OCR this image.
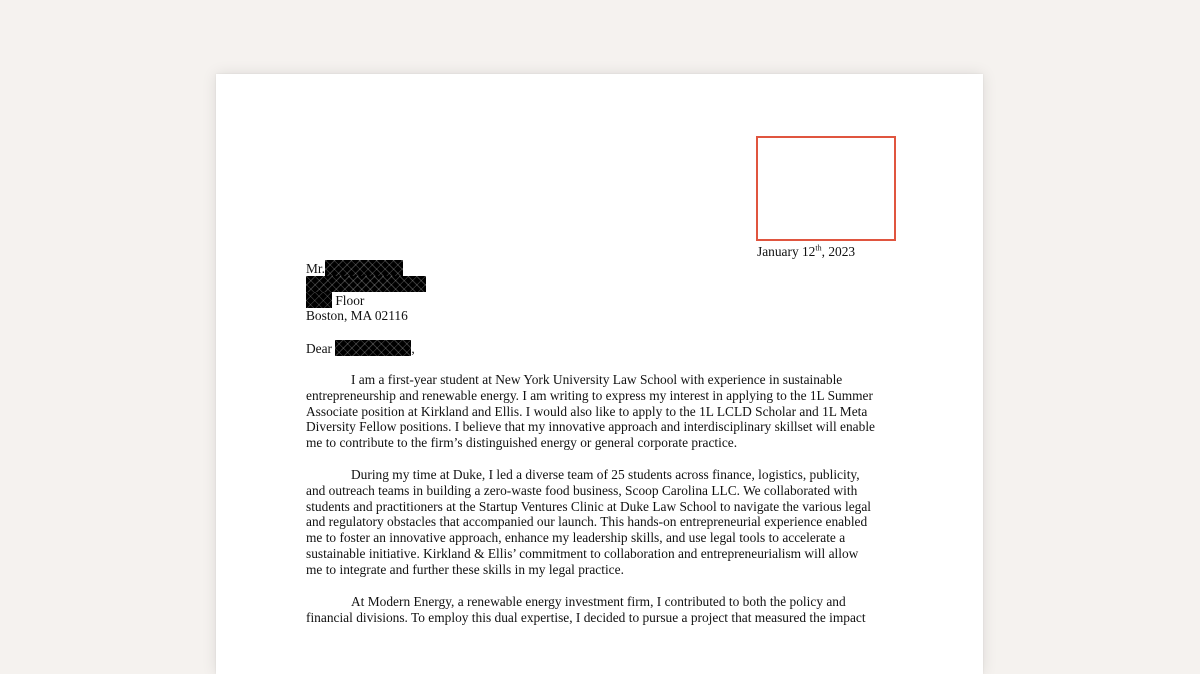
January 12th, 2023
Mr.
Floor
Boston, MA 02116
Dear	,

I am a first-year student at New York University Law School with experience in sustainable
entrepreneurship and renewable energy. I am writing to express my interest in applying to the 1L Summer
Associate position at Kirkland and Ellis. I would also like to apply to the 1L LCLD Scholar and 1L Meta
Diversity Fellow positions. I believe that my innovative approach and interdisciplinary skillset will enable
me to contribute to the firm’s distinguished energy or general corporate practice.

During my time at Duke, I led a diverse team of 25 students across finance, logistics, publicity,
and outreach teams in building a zero-waste food business, Scoop Carolina LLC. We collaborated with
students and practitioners at the Startup Ventures Clinic at Duke Law School to navigate the various legal
and regulatory obstacles that accompanied our launch. This hands-on entrepreneurial experience enabled
me to foster an innovative approach, enhance my leadership skills, and use legal tools to accelerate a
sustainable initiative. Kirkland & Ellis’ commitment to collaboration and entrepreneurialism will allow
me to integrate and further these skills in my legal practice.

At Modern Energy, a renewable energy investment firm, I contributed to both the policy and
financial divisions. To employ this dual expertise, I decided to pursue a project that measured the impact
